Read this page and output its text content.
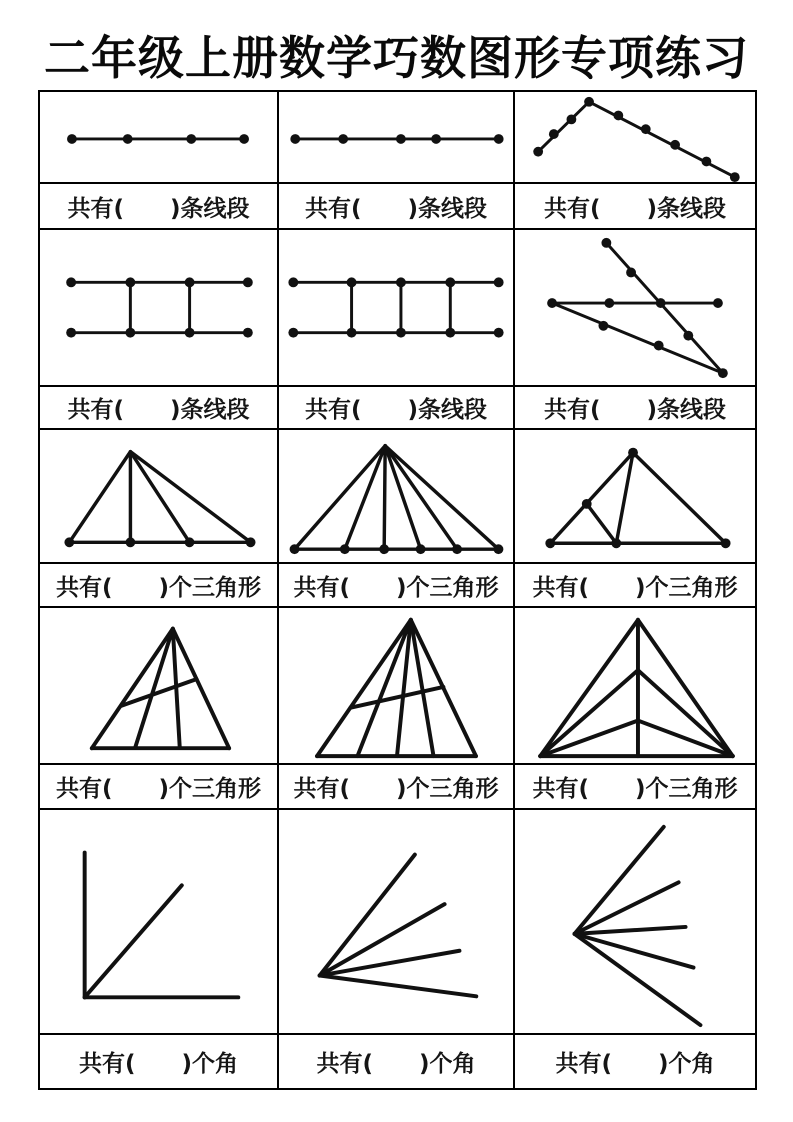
二年级上册数学巧数图形专项练习
共有(　　)条线段 共有(　　)条线段 共有(　　)条线段
共有(　　)条线段 共有(　　)条线段 共有(　　)条线段
共有(　　)个三角形 共有(　　)个三角形 共有(　　)个三角形
共有(　　)个三角形 共有(　　)个三角形 共有(　　)个三角形
共有(　　)个角	共有(　　)个角	共有(　　)个角
